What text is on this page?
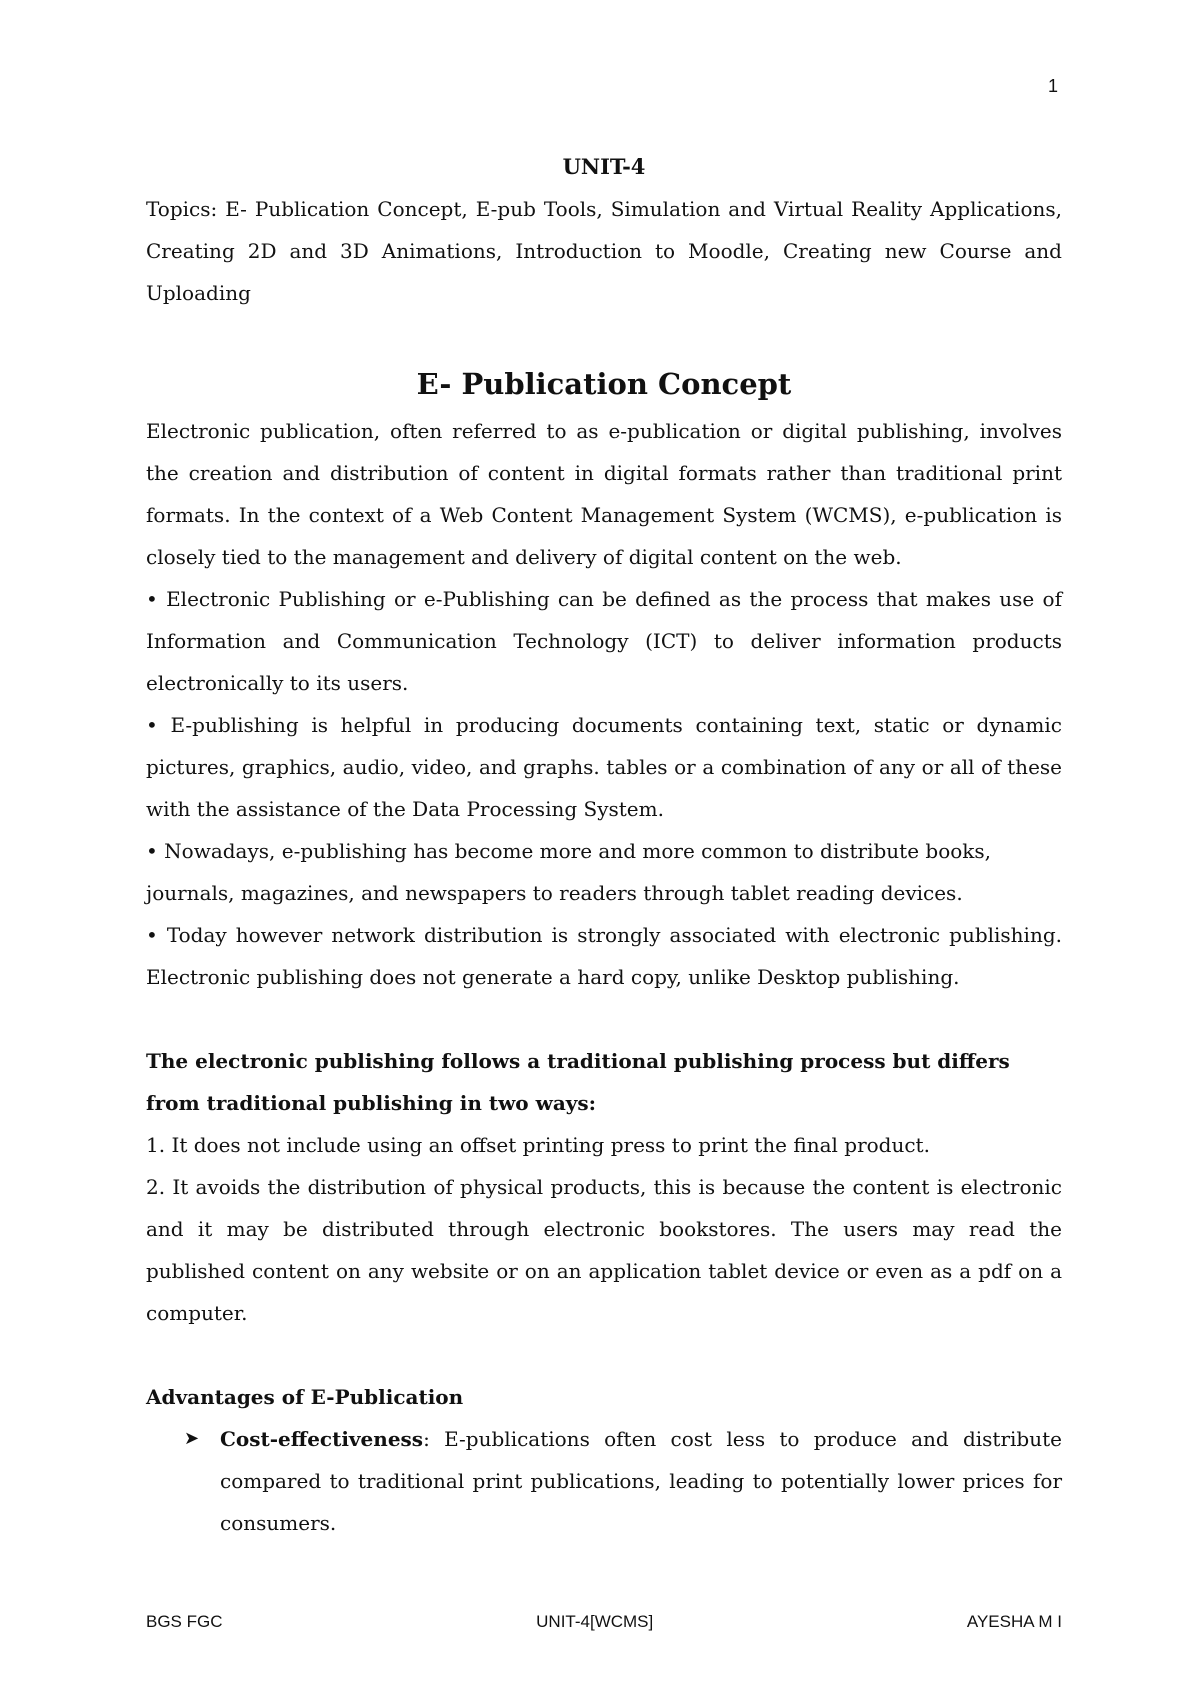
1
UNIT-4

Topics: E- Publication Concept, E-pub Tools, Simulation and Virtual Reality Applications, Creating 2D and 3D Animations, Introduction to Moodle, Creating new Course and Uploading

E- Publication Concept

Electronic publication, often referred to as e-publication or digital publishing, involves the creation and distribution of content in digital formats rather than traditional print formats. In the context of a Web Content Management System (WCMS), e-publication is closely tied to the management and delivery of digital content on the web.

• Electronic Publishing or e-Publishing can be defined as the process that makes use of Information and Communication Technology (ICT) to deliver information products electronically to its users.

• E-publishing is helpful in producing documents containing text, static or dynamic pictures, graphics, audio, video, and graphs. tables or a combination of any or all of these with the assistance of the Data Processing System.

• Nowadays, e-publishing has become more and more common to distribute books,

journals, magazines, and newspapers to readers through tablet reading devices.

• Today however network distribution is strongly associated with electronic publishing. Electronic publishing does not generate a hard copy, unlike Desktop publishing.

The electronic publishing follows a traditional publishing process but differs from traditional publishing in two ways:

1. It does not include using an offset printing press to print the final product.

2. It avoids the distribution of physical products, this is because the content is electronic and it may be distributed through electronic bookstores. The users may read the published content on any website or on an application tablet device or even as a pdf on a computer.

Advantages of E-Publication

➤ Cost-effectiveness: E-publications often cost less to produce and distribute compared to traditional print publications, leading to potentially lower prices for consumers.
BGS FGC	UNIT-4[WCMS]	AYESHA M I
